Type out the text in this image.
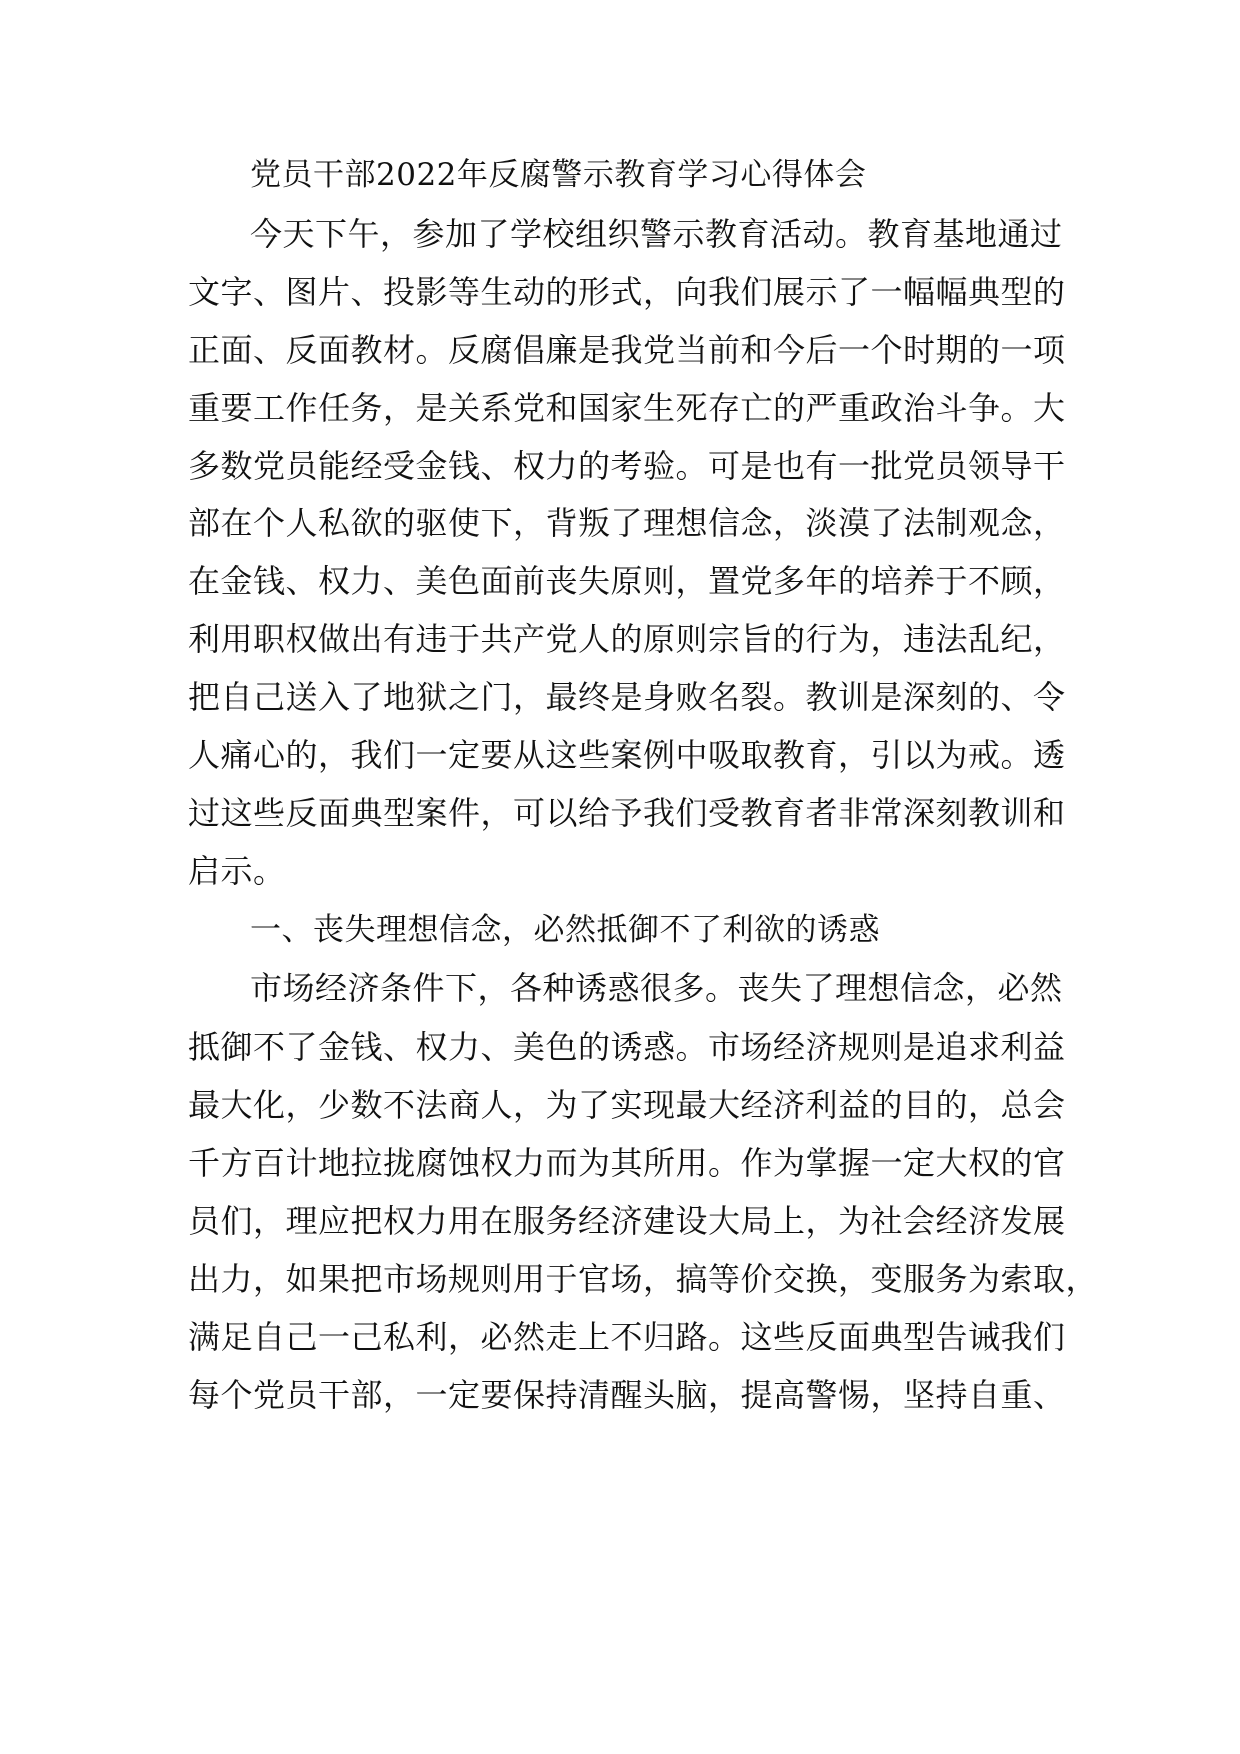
党员干部2022年反腐警示教育学习心得体会
今天下午，参加了学校组织警示教育活动。教育基地通过
文字、图片、投影等生动的形式，向我们展示了一幅幅典型的
正面、反面教材。反腐倡廉是我党当前和今后一个时期的一项
重要工作任务，是关系党和国家生死存亡的严重政治斗争。大
多数党员能经受金钱、权力的考验。可是也有一批党员领导干
部在个人私欲的驱使下，背叛了理想信念，淡漠了法制观念，
在金钱、权力、美色面前丧失原则，置党多年的培养于不顾，
利用职权做出有违于共产党人的原则宗旨的行为，违法乱纪，
把自己送入了地狱之门，最终是身败名裂。教训是深刻的、令
人痛心的，我们一定要从这些案例中吸取教育，引以为戒。透
过这些反面典型案件，可以给予我们受教育者非常深刻教训和
启示。
一、丧失理想信念，必然抵御不了利欲的诱惑
市场经济条件下，各种诱惑很多。丧失了理想信念，必然
抵御不了金钱、权力、美色的诱惑。市场经济规则是追求利益
最大化，少数不法商人，为了实现最大经济利益的目的，总会
千方百计地拉拢腐蚀权力而为其所用。作为掌握一定大权的官
员们，理应把权力用在服务经济建设大局上，为社会经济发展
出力，如果把市场规则用于官场，搞等价交换，变服务为索取，
满足自己一己私利，必然走上不归路。这些反面典型告诫我们
每个党员干部，一定要保持清醒头脑，提高警惕，坚持自重、
